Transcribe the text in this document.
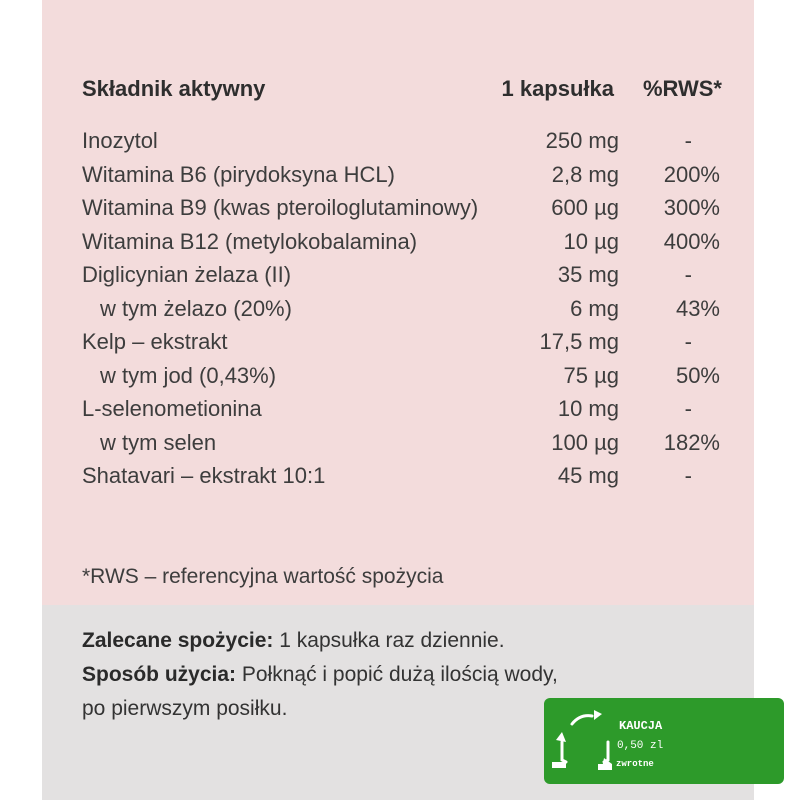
Składnik aktywny	1 kapsułka %RWS*
Inozytol	250 mg	-
Witamina B6 (pirydoksyna HCL)	2,8 mg 200%
Witamina B9 (kwas pteroiloglutaminowy)	600 µg 300%
Witamina B12 (metylokobalamina)	10 µg 400%
Diglicynian żelaza (II)	35 mg	-
w tym żelazo (20%)	6 mg	43%
Kelp – ekstrakt	17,5 mg	-
w tym jod (0,43%)	75 µg	50%
L-selenometionina	10 mg	-
w tym selen	100 µg 182%
Shatavari – ekstrakt 10:1	45 mg	-
*RWS – referencyjna wartość spożycia
Zalecane spożycie: 1 kapsułka raz dziennie.
Sposób użycia: Połknąć i popić dużą ilością wody,
po pierwszym posiłku.
KAUCJA
0,50 zl
zwrotne
